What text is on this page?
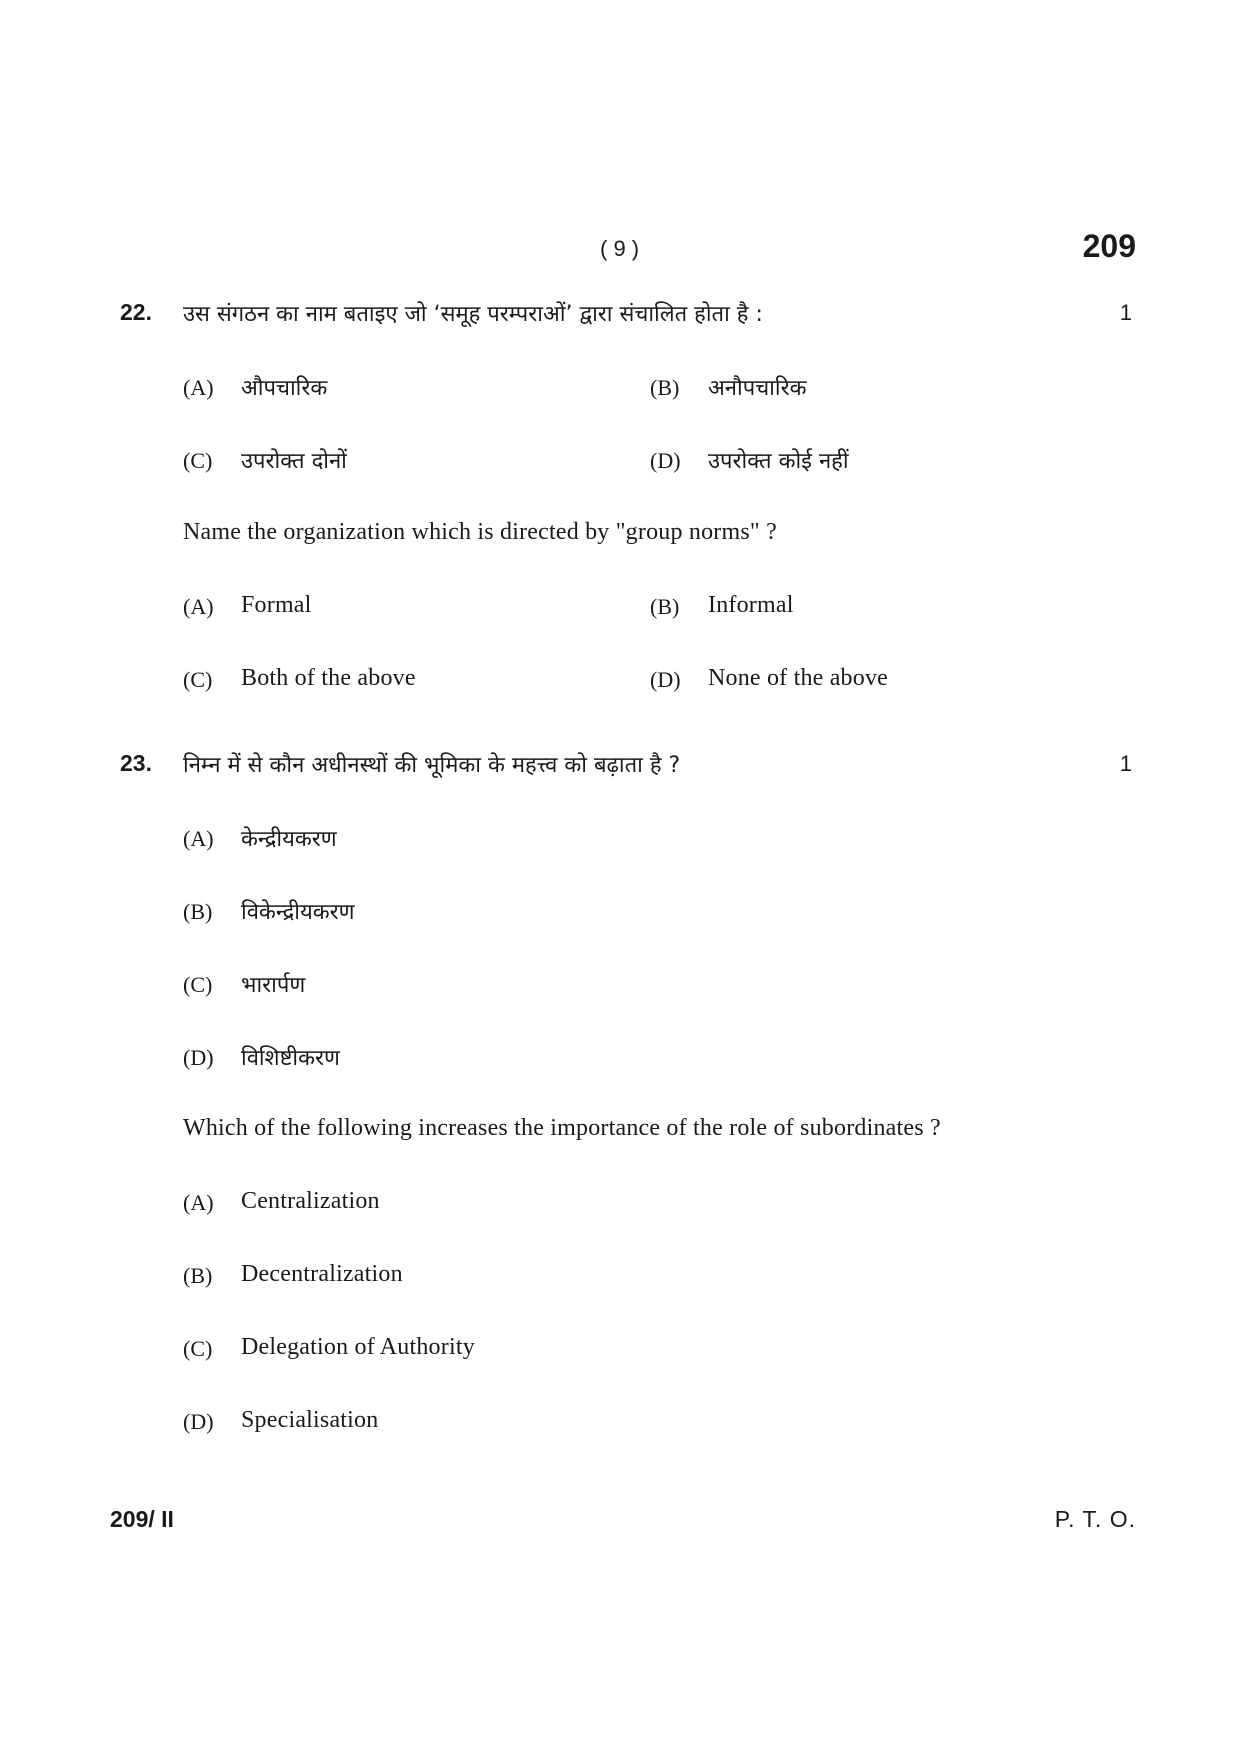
( 9 )	209
22. उस संगठन का नाम बताइए जो ‘समूह परम्पराओं’ द्वारा संचालित होता है :	1
(A) औपचारिक	(B) अनौपचारिक
(C) उपरोक्त दोनों	(D) उपरोक्त कोई नहीं
Name the organization which is directed by "group norms" ?
(A) Formal	(B) Informal
(C) Both of the above	(D) None of the above
23. निम्न में से कौन अधीनस्थों की भूमिका के महत्त्व को बढ़ाता है ?	1
(A) केन्द्रीयकरण
(B) विकेन्द्रीयकरण
(C) भारार्पण
(D) विशिष्टीकरण
Which of the following increases the importance of the role of subordinates ?
(A) Centralization
(B) Decentralization
(C) Delegation of Authority
(D) Specialisation
209/ II	P. T. O.
